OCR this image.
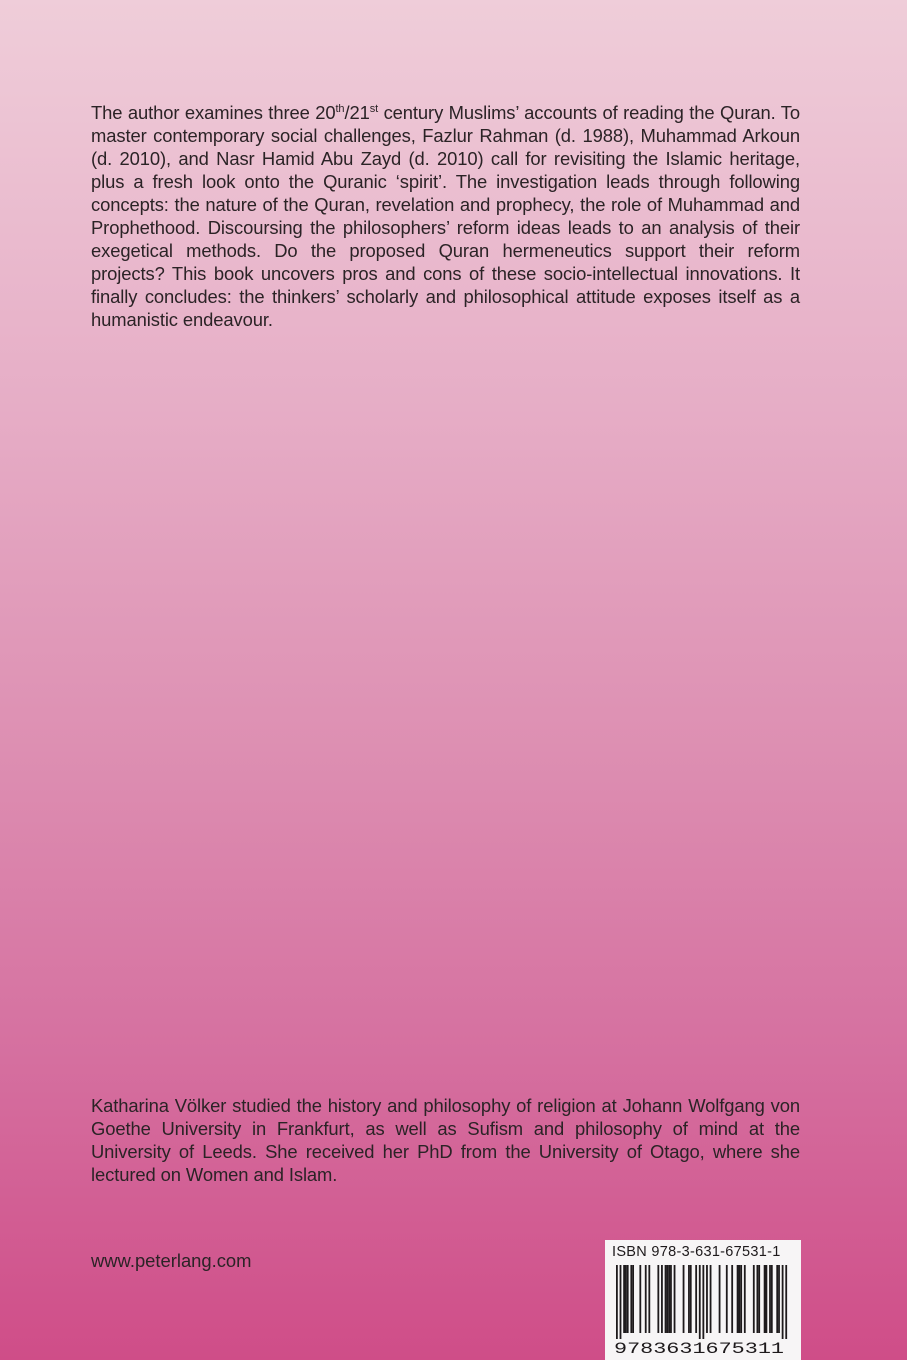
The author examines three 20th/21st century Muslims’ accounts of reading the Quran. To master contemporary social challenges, Fazlur Rahman (d. 1988), Muhammad Arkoun (d. 2010), and Nasr Hamid Abu Zayd (d. 2010) call for revisiting the Islamic heritage, plus a fresh look onto the Quranic ‘spirit’. The investigation leads through following concepts: the nature of the Quran, revelation and prophecy, the role of Muhammad and Prophethood. Discoursing the philosophers’ reform ideas leads to an analysis of their exegetical methods. Do the proposed Quran hermeneutics support their reform projects? This book uncovers pros and cons of these socio-intellectual innovations. It finally concludes: the thinkers’ scholarly and philosophical attitude exposes itself as a humanistic endeavour.

Katharina Völker studied the history and philosophy of religion at Johann Wolfgang von Goethe University in Frankfurt, as well as Sufism and philosophy of mind at the University of Leeds. She received her PhD from the University of Otago, where she lectured on Women and Islam.

www.peterlang.com	ISBN 978-3-631-67531-1
9783631675311
